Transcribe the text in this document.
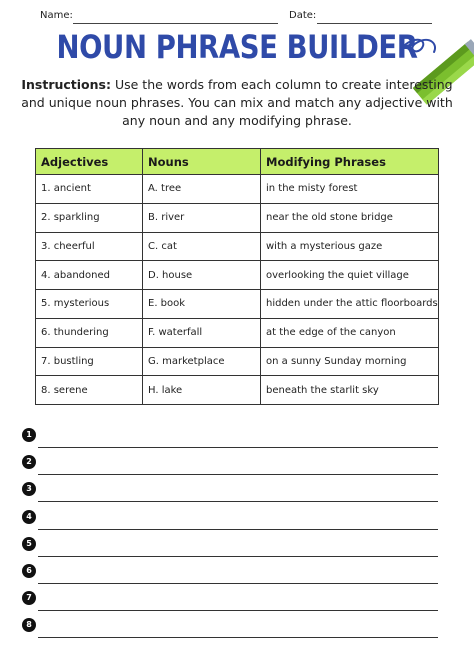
Name:	Date:
NOUN PHRASE BUILDER
Instructions: Use the words from each column to create interesting and unique noun phrases. You can mix and match any adjective with any noun and any modifying phrase.
Adjectives	Nouns	Modifying Phrases
1. ancient	A. tree	in the misty forest
2. sparkling	B. river	near the old stone bridge
3. cheerful	C. cat	with a mysterious gaze
4. abandoned	D. house	overlooking the quiet village
5. mysterious	E. book	hidden under the attic floorboards
6. thundering	F. waterfall	at the edge of the canyon
7. bustling	G. marketplace	on a sunny Sunday morning
8. serene	H. lake	beneath the starlit sky
1
2
3
4
5
6
7
8
